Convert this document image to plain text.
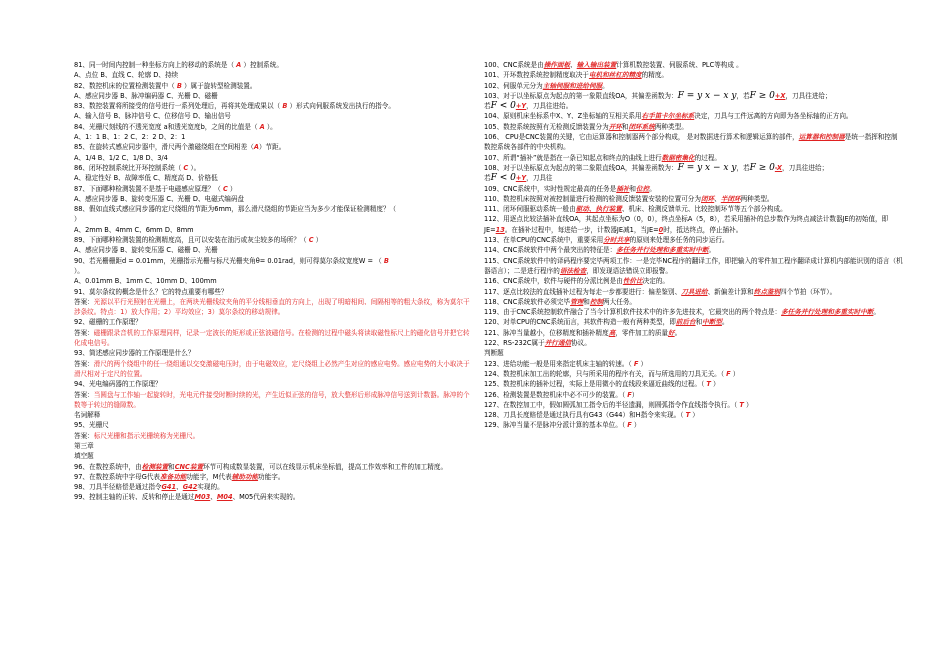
81、同一时间内控制一种坐标方向上的移动的系统是（ A ）控制系统。
A、点位 B、直线 C、轮廓 D、持续
82、数控机床的位置检测装置中（ B ）属于旋转型检测装置。
A、感应同步器 B、脉冲编码器 C、光栅 D、磁栅
83、数控装置将所接受的信号进行一系列处理后，再将其处理成果以（ B ）形式向伺服系统发出执行的指令。
A、输入信号 B、脉冲信号 C、位移信号 D、输出信号
84、光栅尺刻线的不透光宽度 a和透光宽度b，之间的比值是（ A ）。
A、1：1 B、1：2 C、2：2 D、2：1
85、在旋转式感应同步器中，滑尺两个激磁绕组在空间相差（A）节距。
A、1/4 B、1/2 C、1/8 D、3/4
86、闭环控制系统比开环控制系统（ C ）。
A、稳定性好 B、故障率低 C、精度高 D、价格低
87、下面哪种检测装置不是基于电磁感应原理？（ C ）
A、感应同步器 B、旋转变压器 C、光栅 D、电磁式编码盘
88、假如直线式感应同步器的定尺绕组的节距为6mm，那么滑尺绕组的节距应当为多少才能保证检测精度？（
）
A、2mm B、4mm C、6mm D、8mm
89、下面哪种检测装置的检测精度高，且可以安装在油污或灰尘较多的场所？（ C ）
A、感应同步器 B、旋转变压器 C、磁栅 D、光栅
90、若光栅栅距d = 0.01mm，光栅指示光栅与标尺光栅夹角θ= 0.01rad，则可得莫尔条纹宽度W = （ B
）。
A、0.01mm B、1mm C、10mm D、100mm
91、莫尔条纹的概念是什么？它的特点重要有哪些？
答案：光源以平行光照射在光栅上，在两块光栅线纹夹角的平分线相垂直的方向上，出现了明暗相间、间隔相等的粗大条纹，称为莫尔干涉条纹。特点：1）放大作用；2）平均效应；3）莫尔条纹的移动规律。
92、磁栅的工作原理？
答案：磁栅跟录音机的工作原理同样，记录一定波长的矩形或正弦波磁信号。在检测的过程中磁头将读取磁性标尺上的磁化信号并把它转化成电信号。
93、简述感应同步器的工作原理是什么？
答案：滑尺的两个绕组中的任一绕组通以交变激磁电压时，由于电磁效应，定尺绕组上必然产生对应的感应电势。感应电势的大小取决于滑尺相对于定尺的位置。
94、光电编码器的工作原理？
答案：当圆盘与工作轴一起旋转时，光电元件接受时断时续的光，产生近似正弦的信号，放大整形后形成脉冲信号送到计数器。脉冲的个数等于转过的缝隙数。
名词解释
95、光栅尺
答案：标尺光栅和指示光栅统称为光栅尺。
第三章
填空题
96、在数控系统中，由检测装置和CNC装置环节可构成数显装置，可以在线显示机床坐标值，提高工作效率和工件的加工精度。
97、在数控系统中字母G代表准备功能功能字，M代表辅助功能功能字。
98、刀具半径赔偿是通过指令G41、G42实现的。
99、控制主轴的正转、反转和停止是通过M03、M04、M05代码来实现的。
100、CNC系统是由操作面板、输入输出装置计算机数控装置、伺服系统、PLC等构成 。
101、开环数控系统控制精度取决于电机和丝杠的精度的精度。
102、伺服单元分为主轴伺服和进给伺服。
103、对于以坐标原点为起点的第一象限直线OA，其偏差函数为：F = y x − x y，若F ≥ 0+X，刀具往进给；
若F < 0+Y，刀具往进给。
104、原则机床坐标系中X、Y、Z坐标轴的互相关系用右手笛卡尔坐标系决定，刀具与工件远离的方向即为各坐标轴的正方向。
105、数控系统按照有无检测反馈装置分为开环和闭环系统两种类型。
106、 CPU是CNC装置的关键，它由运算器和控制器两个部分构成， 是对数据进行算术和逻辑运算的部件，运算器和控制器是统一指挥和控制数控系统各部件的中央机构。
107、所谓“插补”就是指在一条已知起点和终点的曲线上进行数据密集化的过程。
108、对于以坐标原点为起点的第二象限直线OA，其偏差函数为：F = y x − x y，若F ≥ 0-X，刀具往进给；
若F < 0+Y，刀具往
109、CNC系统中，实时性规定最高的任务是插补和位控。
110、数控机床按照对被控制量进行检测的检测反馈装置安装的位置可分为闭环、半闭环两种类型。
111、闭环伺服驱动系统一般由驱动、执行装置、机床、检测反馈单元、比较控制环节等五个部分构成。
112、用逐点比较法插补直线OA，其起点坐标为O（0，0），终点坐标A（5，8），若采用插补的总步数作为终点减法计数器JE的初始值，即JE=13。在插补过程中，每进给一步，计数器JE减1，当JE=0时，抵达终点，停止插补。
113、在单CPU的CNC系统中，重要采用分时共享的原则来处理多任务的同步运行。
114、CNC系统软件中两个最突出的特征是：多任务并行处理和多重实时中断。
115、CNC系统软件中的译码程序要完毕两项工作：一是完毕NC程序的翻译工作，即把输入的零件加工程序翻译成计算机内部能识别的语言（机器语言）；二是进行程序的语法检查，即发现语法错误立即报警。
116、CNC系统中，软件与硬件的分派比例是由性价比决定的。
117、逐点比较法的直线插补过程为每走一步都要进行：偏差鉴别、刀具进给、新偏差计算和终点鉴别四个节拍（环节）。
118、CNC系统软件必须完毕管理和控制两大任务。
119、由于CNC系统控制软件融合了当今计算机软件技术中的许多先进技术，它最突出的两个特点是：多任务并行处理和多重实时中断。
120、对单CPU的CNC系统而言，其软件构造一般有两种类型，即前后台和中断型。
121、脉冲当量越小，位移精度和插补精度高，零件加工的质量好。
122、RS-232C属于并行通信协议。
判断题
123、进给功能一般是用来指定机床主轴的转速。（ F ）
124、数控机床加工出的轮廓，只与所采用的程序有关，而与所选用的刀具无关。（ F ）
125、数控机床的插补过程，实际上是用微小的直线段来逼近曲线的过程。（ T ）
126、检测装置是数控机床中必不可少的装置。（ F）
127、在数控加工中，假如圆弧加工指令后的半径遗漏，则圆弧指令作直线指令执行。（ T ）
128、刀具长度赔偿是通过执行具有G43（G44）和H指令来实现。（ T ）
129、脉冲当量不是脉冲分派计算的基本单位。（ F ）
